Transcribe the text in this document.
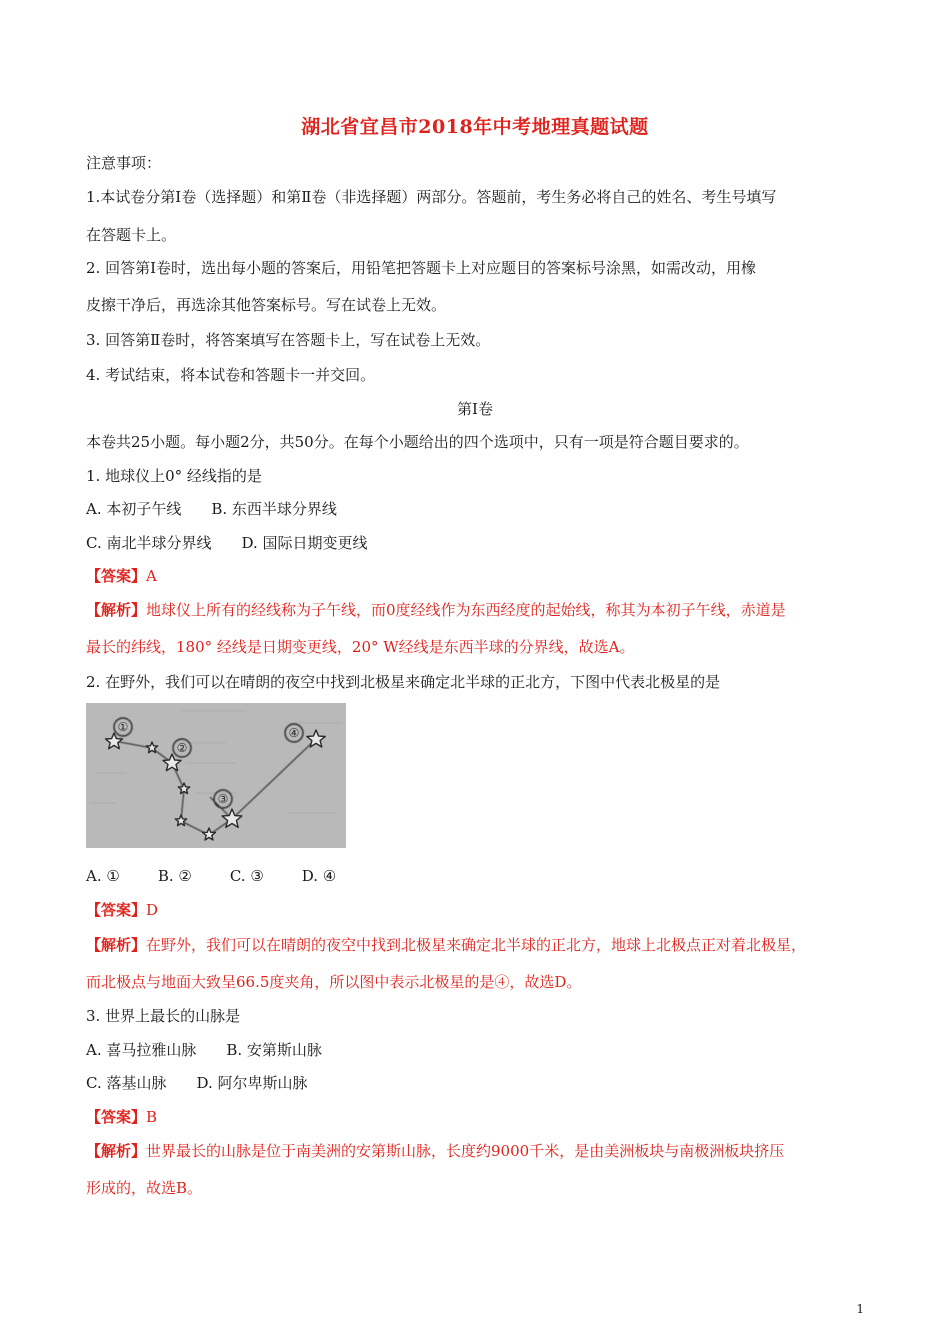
湖北省宜昌市2018年中考地理真题试题
注意事项：
1.本试卷分第Ⅰ卷（选择题）和第Ⅱ卷（非选择题）两部分。答题前，考生务必将自己的姓名、考生号填写
在答题卡上。
2. 回答第Ⅰ卷时，选出每小题的答案后，用铅笔把答题卡上对应题目的答案标号涂黑，如需改动，用橡
皮擦干净后，再选涂其他答案标号。写在试卷上无效。
3. 回答第Ⅱ卷时，将答案填写在答题卡上，写在试卷上无效。
4. 考试结束，将本试卷和答题卡一并交回。
第Ⅰ卷
本卷共25小题。每小题2分，共50分。在每个小题给出的四个选项中，只有一项是符合题目要求的。
1. 地球仪上0° 经线指的是
A. 本初子午线 B. 东西半球分界线
C. 南北半球分界线 D. 国际日期变更线
【答案】A
【解析】地球仪上所有的经线称为子午线，而0度经线作为东西经度的起始线，称其为本初子午线，赤道是
最长的纬线，180° 经线是日期变更线，20° W经线是东西半球的分界线，故选A。
2. 在野外，我们可以在晴朗的夜空中找到北极星来确定北半球的正北方，下图中代表北极星的是
①
②
③
④
A. ①	B. ②	C. ③	D. ④
【答案】D
【解析】在野外，我们可以在晴朗的夜空中找到北极星来确定北半球的正北方，地球上北极点正对着北极星，
而北极点与地面大致呈66.5度夹角，所以图中表示北极星的是④，故选D。
3. 世界上最长的山脉是
A. 喜马拉雅山脉 B. 安第斯山脉
C. 落基山脉 D. 阿尔卑斯山脉
【答案】B
【解析】世界最长的山脉是位于南美洲的安第斯山脉，长度约9000千米，是由美洲板块与南极洲板块挤压
形成的，故选B。
1
